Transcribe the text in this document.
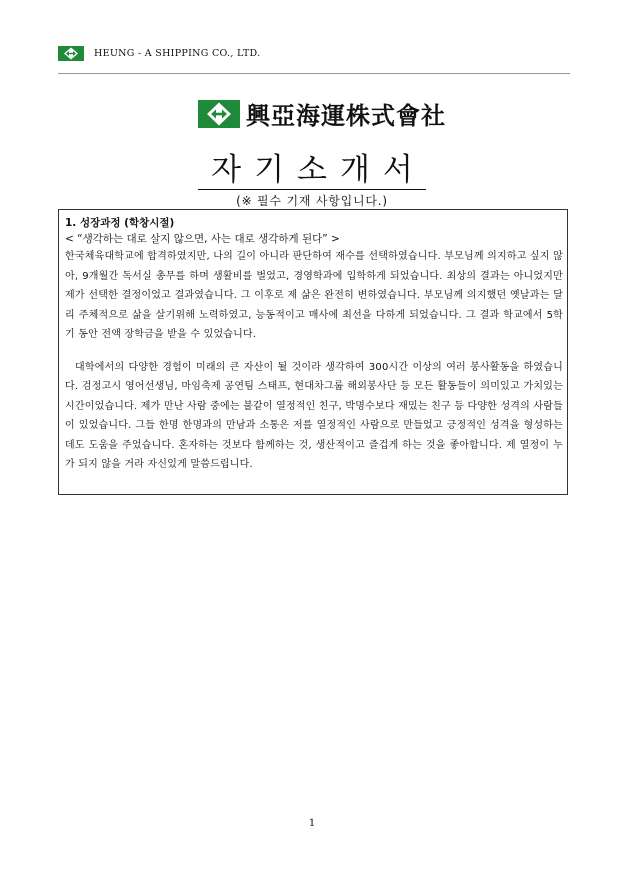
HEUNG - A SHIPPING CO., LTD.
興亞海運株式會社
자기소개서
(※ 필수 기재 사항입니다.)
1. 성장과정 (학창시절)
< “생각하는 대로 살지 않으면, 사는 대로 생각하게 된다” >

한국체육대학교에 합격하였지만, 나의 길이 아니라 판단하여 재수를 선택하였습니다. 부모님께 의지하고 싶지 않아, 9개월간 독서실 총무를 하며 생활비를 벌었고, 경영학과에 입학하게 되었습니다. 최상의 결과는 아니었지만 제가 선택한 결정이었고 결과였습니다. 그 이후로 제 삶은 완전히 변하였습니다. 부모님께 의지했던 옛날과는 달리 주체적으로 삶을 살기위해 노력하였고, 능동적이고 매사에 최선을 다하게 되었습니다. 그 결과 학교에서 5학기 동안 전액 장학금을 받을 수 있었습니다.

대학에서의 다양한 경험이 미래의 큰 자산이 될 것이라 생각하여 300시간 이상의 여러 봉사활동을 하였습니다. 검정고시 영어선생님, 마임축제 공연팀 스태프, 현대차그룹 해외봉사단 등 모든 활동들이 의미있고 가치있는 시간이었습니다. 제가 만난 사람 중에는 불같이 열정적인 친구, 박명수보다 재밌는 친구 등 다양한 성격의 사람들이 있었습니다. 그들 한명 한명과의 만남과 소통은 저를 열정적인 사람으로 만들었고 긍정적인 성격을 형성하는데도 도움을 주었습니다. 혼자하는 것보다 함께하는 것, 생산적이고 즐겁게 하는 것을 좋아합니다. 제 열정이 누가 되지 않을 거라 자신있게 말씀드립니다.

1
